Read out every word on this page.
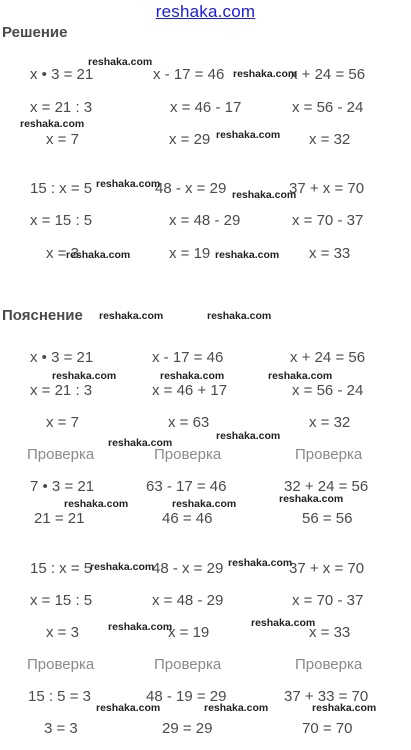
reshaka.com
Решение
x • 3 = 21	x - 17 = 46	x + 24 = 56
x = 21 : 3	x = 46 - 17	x = 56 - 24
x = 7	x = 29	x = 32
15 : x = 5	48 - x = 29	37 + x = 70
x = 15 : 5	x = 48 - 29	x = 70 - 37
x = 3	x = 19	x = 33
Пояснение
x • 3 = 21	x - 17 = 46	x + 24 = 56
x = 21 : 3	x = 46 + 17	x = 56 - 24
x = 7	x = 63	x = 32
Проверка	Проверка	Проверка
7 • 3 = 21	63 - 17 = 46	32 + 24 = 56
21 = 21	46 = 46	56 = 56
15 : x = 5	48 - x = 29	37 + x = 70
x = 15 : 5	x = 48 - 29	x = 70 - 37
x = 3	x = 19	x = 33
Проверка	Проверка	Проверка
15 : 5 = 3	48 - 19 = 29	37 + 33 = 70
3 = 3	29 = 29	70 = 70
reshaka.com
reshaka.com
reshaka.com
reshaka.com
reshaka.com
reshaka.com
reshaka.com	reshaka.com
reshaka.com	reshaka.com
reshaka.com	reshaka.com	reshaka.com
reshaka.com
reshaka.com
reshaka.com
reshaka.com	reshaka.com
reshaka.com	reshaka.com
reshaka.com	reshaka.com
reshaka.com	reshaka.com	reshaka.com
